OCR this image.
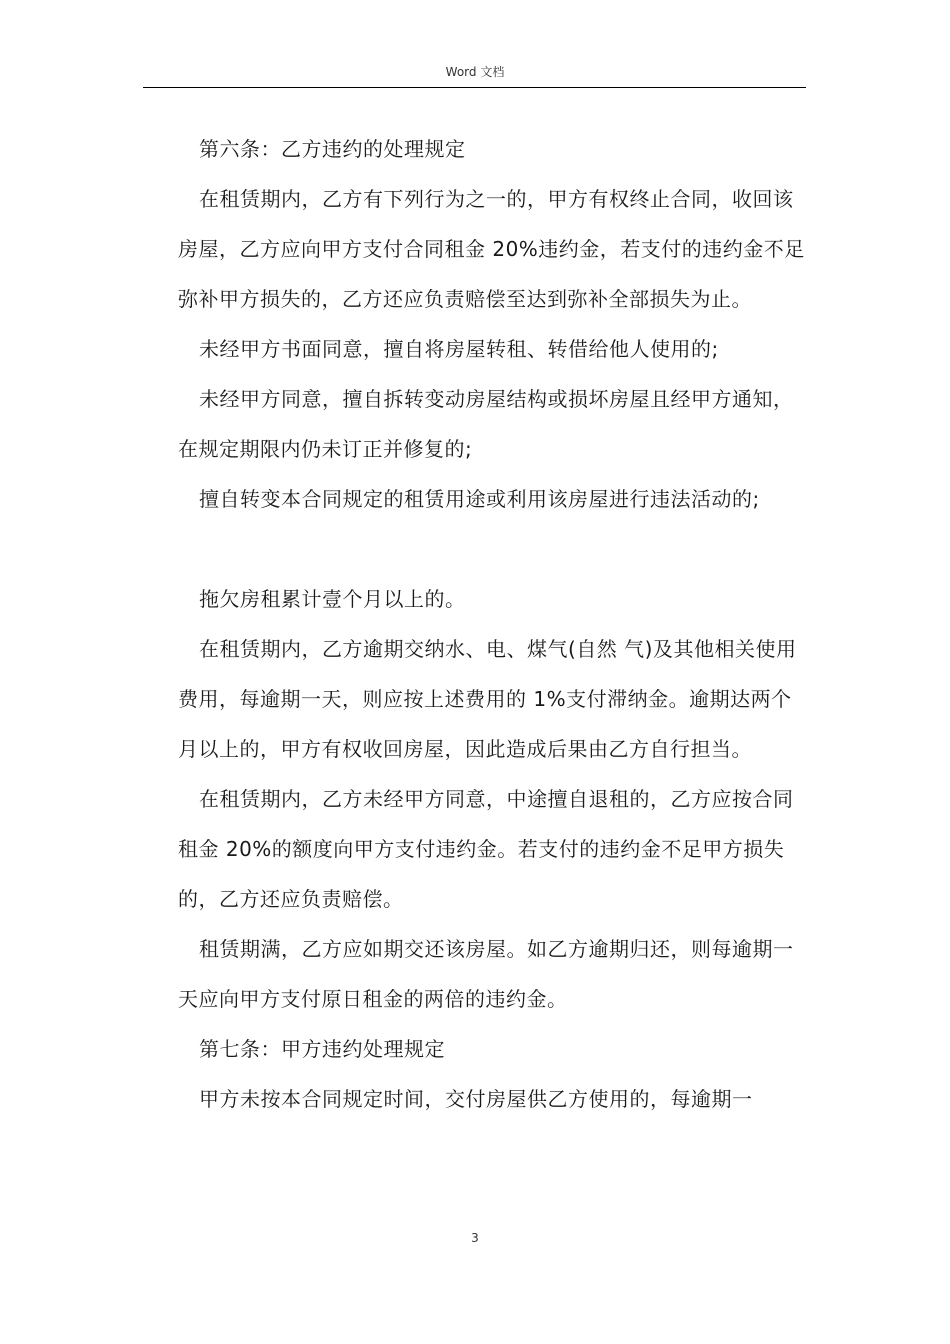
Word 文档

第六条：乙方违约的处理规定

在租赁期内，乙方有下列行为之一的，甲方有权终止合同，收回该房屋，乙方应向甲方支付合同租金 20%违约金，若支付的违约金不足弥补甲方损失的，乙方还应负责赔偿至达到弥补全部损失为止。

未经甲方书面同意，擅自将房屋转租、转借给他人使用的;

未经甲方同意，擅自拆转变动房屋结构或损坏房屋且经甲方通知，在规定期限内仍未订正并修复的;

擅自转变本合同规定的租赁用途或利用该房屋进行违法活动的;

拖欠房租累计壹个月以上的。

在租赁期内，乙方逾期交纳水、电、煤气(自然 气)及其他相关使用费用，每逾期一天，则应按上述费用的 1%支付滞纳金。逾期达两个月以上的，甲方有权收回房屋，因此造成后果由乙方自行担当。

在租赁期内，乙方未经甲方同意，中途擅自退租的，乙方应按合同租金 20%的额度向甲方支付违约金。若支付的违约金不足甲方损失的，乙方还应负责赔偿。

租赁期满，乙方应如期交还该房屋。如乙方逾期归还，则每逾期一天应向甲方支付原日租金的两倍的违约金。

第七条：甲方违约处理规定

甲方未按本合同规定时间，交付房屋供乙方使用的，每逾期一

3
